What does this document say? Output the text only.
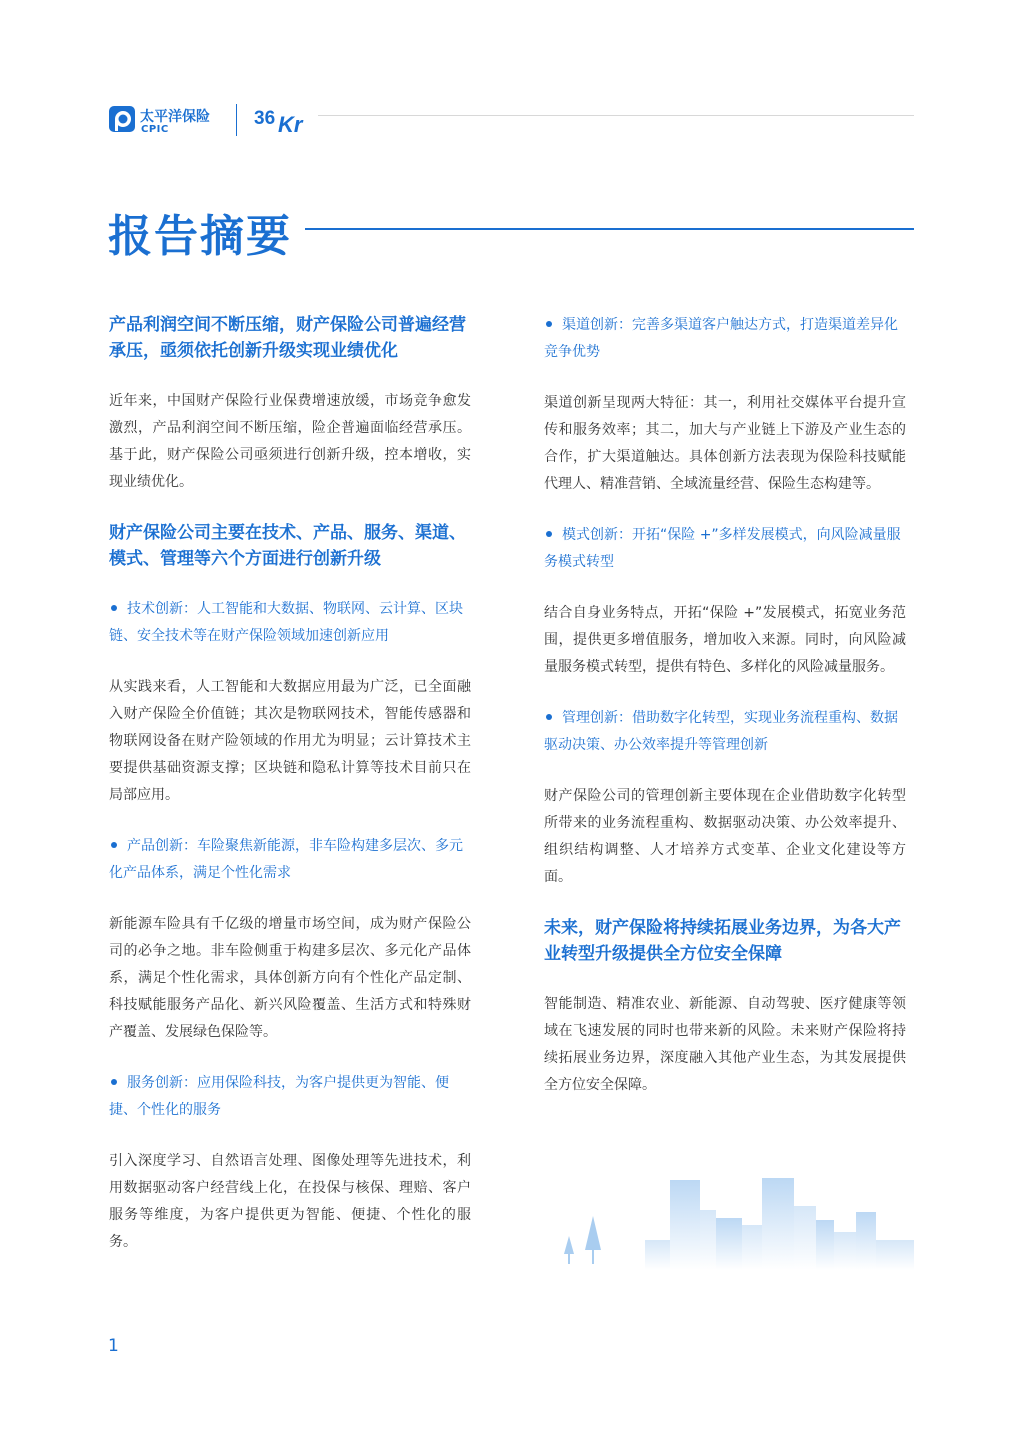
太平洋保险
CPIC
36 Kr
报告摘要
产品利润空间不断压缩，财产保险公司普遍经营承压，亟须依托创新升级实现业绩优化
近年来，中国财产保险行业保费增速放缓，市场竞争愈发激烈，产品利润空间不断压缩，险企普遍面临经营承压。基于此，财产保险公司亟须进行创新升级，控本增收，实现业绩优化。
财产保险公司主要在技术、产品、服务、渠道、模式、管理等六个方面进行创新升级
技术创新：人工智能和大数据、物联网、云计算、区块链、安全技术等在财产保险领域加速创新应用
从实践来看，人工智能和大数据应用最为广泛，已全面融入财产保险全价值链；其次是物联网技术，智能传感器和物联网设备在财产险领域的作用尤为明显；云计算技术主要提供基础资源支撑；区块链和隐私计算等技术目前只在局部应用。
产品创新：车险聚焦新能源，非车险构建多层次、多元化产品体系，满足个性化需求
新能源车险具有千亿级的增量市场空间，成为财产保险公司的必争之地。非车险侧重于构建多层次、多元化产品体系，满足个性化需求，具体创新方向有个性化产品定制、科技赋能服务产品化、新兴风险覆盖、生活方式和特殊财产覆盖、发展绿色保险等。
服务创新：应用保险科技，为客户提供更为智能、便捷、个性化的服务
引入深度学习、自然语言处理、图像处理等先进技术，利用数据驱动客户经营线上化，在投保与核保、理赔、客户服务等维度，为客户提供更为智能、便捷、个性化的服务。
渠道创新：完善多渠道客户触达方式，打造渠道差异化竞争优势
渠道创新呈现两大特征：其一，利用社交媒体平台提升宣传和服务效率；其二，加大与产业链上下游及产业生态的合作，扩大渠道触达。具体创新方法表现为保险科技赋能代理人、精准营销、全域流量经营、保险生态构建等。
模式创新：开拓“保险 +”多样发展模式，向风险减量服务模式转型
结合自身业务特点，开拓“保险 +”发展模式，拓宽业务范围，提供更多增值服务，增加收入来源。同时，向风险减量服务模式转型，提供有特色、多样化的风险减量服务。
管理创新：借助数字化转型，实现业务流程重构、数据驱动决策、办公效率提升等管理创新
财产保险公司的管理创新主要体现在企业借助数字化转型所带来的业务流程重构、数据驱动决策、办公效率提升、组织结构调整、人才培养方式变革、企业文化建设等方面。
未来，财产保险将持续拓展业务边界，为各大产业转型升级提供全方位安全保障
智能制造、精准农业、新能源、自动驾驶、医疗健康等领域在飞速发展的同时也带来新的风险。未来财产保险将持续拓展业务边界，深度融入其他产业生态，为其发展提供全方位安全保障。
1
